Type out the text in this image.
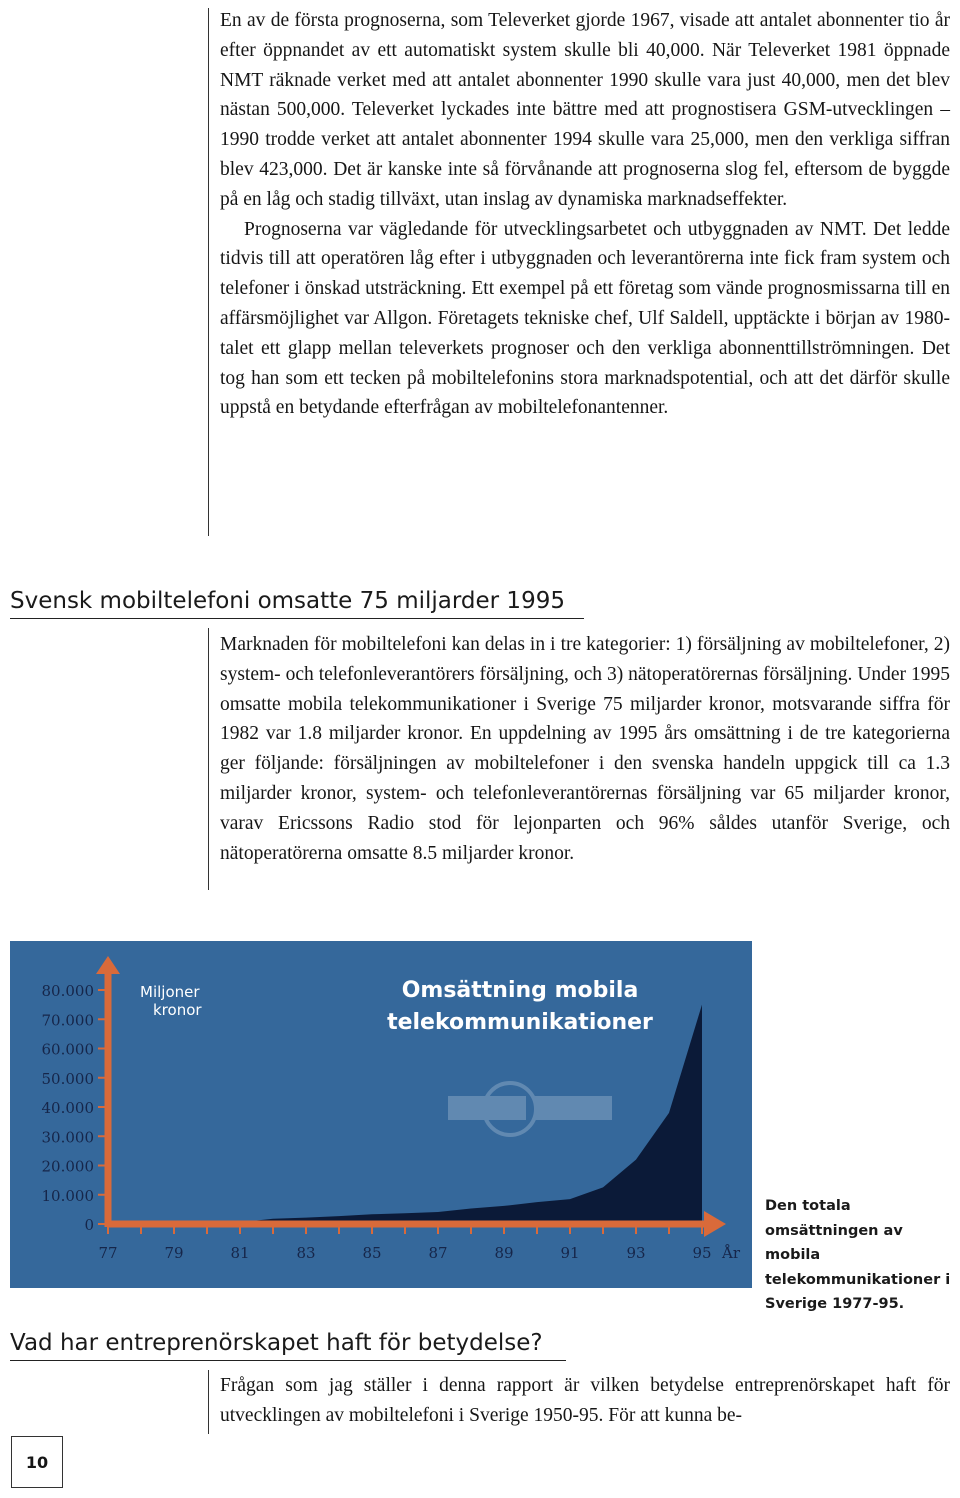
En av de första prognoserna, som Televerket gjorde 1967, visade att antalet abonnenter tio år efter öppnandet av ett automatiskt system skulle bli 40,000. När Televerket 1981 öppnade NMT räknade verket med att antalet abonnenter 1990 skulle vara just 40,000, men det blev nästan 500,000. Televerket lyckades inte bättre med att prognostisera GSM-utvecklingen – 1990 trodde verket att antalet abonnenter 1994 skulle vara 25,000, men den verkliga siffran blev 423,000. Det är kanske inte så förvånande att prognoserna slog fel, eftersom de byggde på en låg och stadig tillväxt, utan inslag av dynamiska marknadseffekter.

Prognoserna var vägledande för utvecklingsarbetet och utbyggnaden av NMT. Det ledde tidvis till att operatören låg efter i utbyggnaden och leverantörerna inte fick fram system och telefoner i önskad utsträckning. Ett exempel på ett företag som vände prognosmissarna till en affärsmöjlighet var Allgon. Företagets tekniske chef, Ulf Saldell, upptäckte i början av 1980-talet ett glapp mellan televerkets prognoser och den verkliga abonnenttillströmningen. Det tog han som ett tecken på mobiltelefonins stora marknadspotential, och att det därför skulle uppstå en betydande efterfrågan av mobiltelefonantenner.

Svensk mobiltelefoni omsatte 75 miljarder 1995

Marknaden för mobiltelefoni kan delas in i tre kategorier: 1) försäljning av mobiltelefoner, 2) system- och telefonleverantörers försäljning, och 3) nätoperatörernas försäljning. Under 1995 omsatte mobila telekommunikationer i Sverige 75 miljarder kronor, motsvarande siffra för 1982 var 1.8 miljarder kronor. En uppdelning av 1995 års omsättning i de tre kategorierna ger följande: försäljningen av mobiltelefoner i den svenska handeln uppgick till ca 1.3 miljarder kronor, system- och telefonleverantörernas försäljning var 65 miljarder kronor, varav Ericssons Radio stod för lejonparten och 96% såldes utanför Sverige, och nätoperatörerna omsatte 8.5 miljarder kronor.

0
10.000
20.000
30.000
40.000
50.000
60.000
70.000
80.000
77	79	81	83	85	87	89	91	93	95
Miljoner
kronor
Omsättning mobila
telekommunikationer
År

Den totala omsättningen av mobila telekommunikationer i Sverige 1977-95.

Vad har entreprenörskapet haft för betydelse?

Frågan som jag ställer i denna rapport är vilken betydelse entreprenörskapet haft för utvecklingen av mobiltelefoni i Sverige 1950-95. För att kunna be-

10
